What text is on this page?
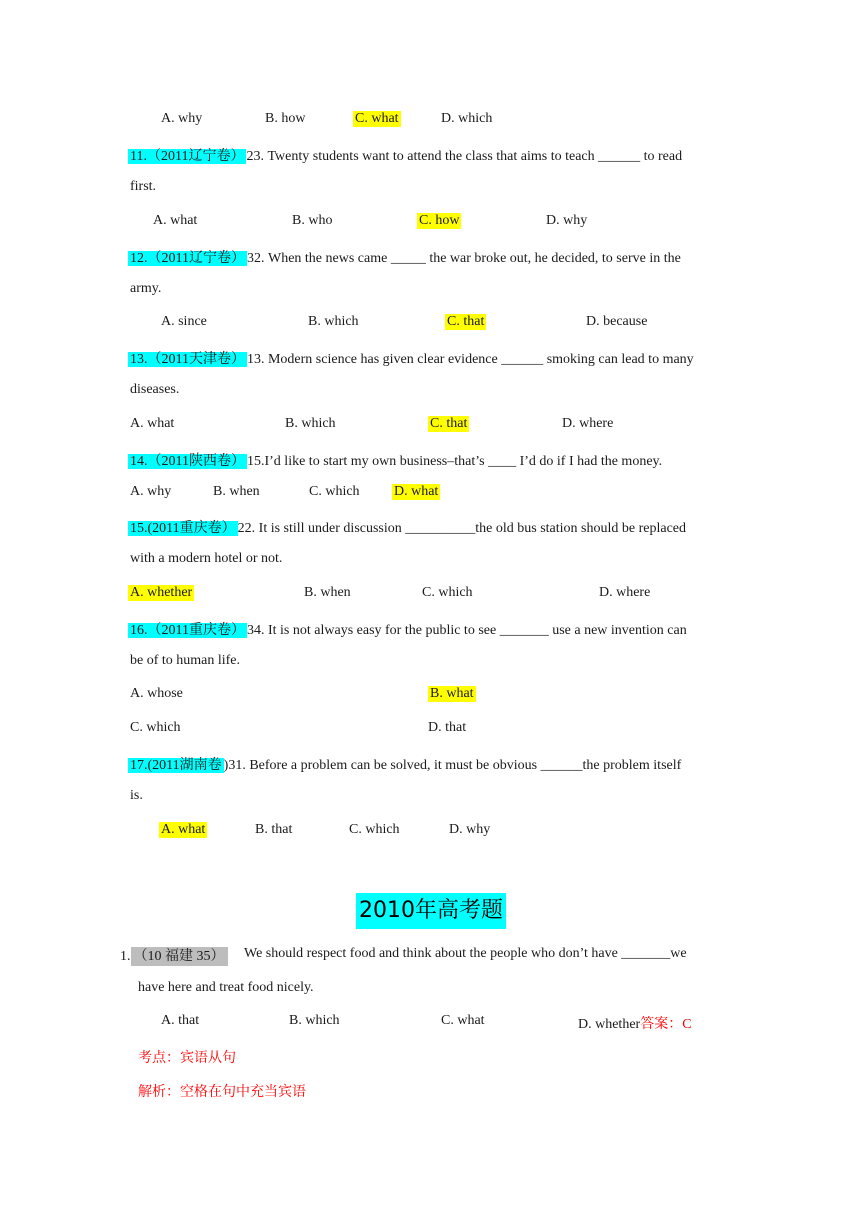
A. why	B. how	C. what	D. which
11.（2011辽宁卷） 23. Twenty students want to attend the class that aims to teach ______ to read
first.
A. what	B. who	C. how	D. why
12.（2011辽宁卷） 32. When the news came _____ the war broke out, he decided, to serve in the
army.
A. since	B. which	C. that	D. because
13.（2011天津卷） 13. Modern science has given clear evidence ______ smoking can lead to many
diseases.
A. what	B. which	C. that	D. where
14.（2011陕西卷） 15.I’d like to start my own business–that’s ____ I’d do if I had the money.
A. why	B. when	C. which D. what
15.(2011重庆卷） 22. It is still under discussion __________the old bus station should be replaced
with a modern hotel or not.
A. whether	B. when	C. which	D. where
16.（2011重庆卷） 34. It is not always easy for the public to see _______ use a new invention can
be of to human life.
A. whose	B. what
C. which	D. that
17.(2011湖南卷 )31. Before a problem can be solved, it must be obvious ______the problem itself
is.
A. what	B. that	C. which	D. why
2010年高考题
1. （10 福建 35） We should respect food and think about the people who don’t have _______we
have here and treat food nicely.
A. that	B. which	C. what	D. whether答案：C
考点：宾语从句
解析：空格在句中充当宾语
